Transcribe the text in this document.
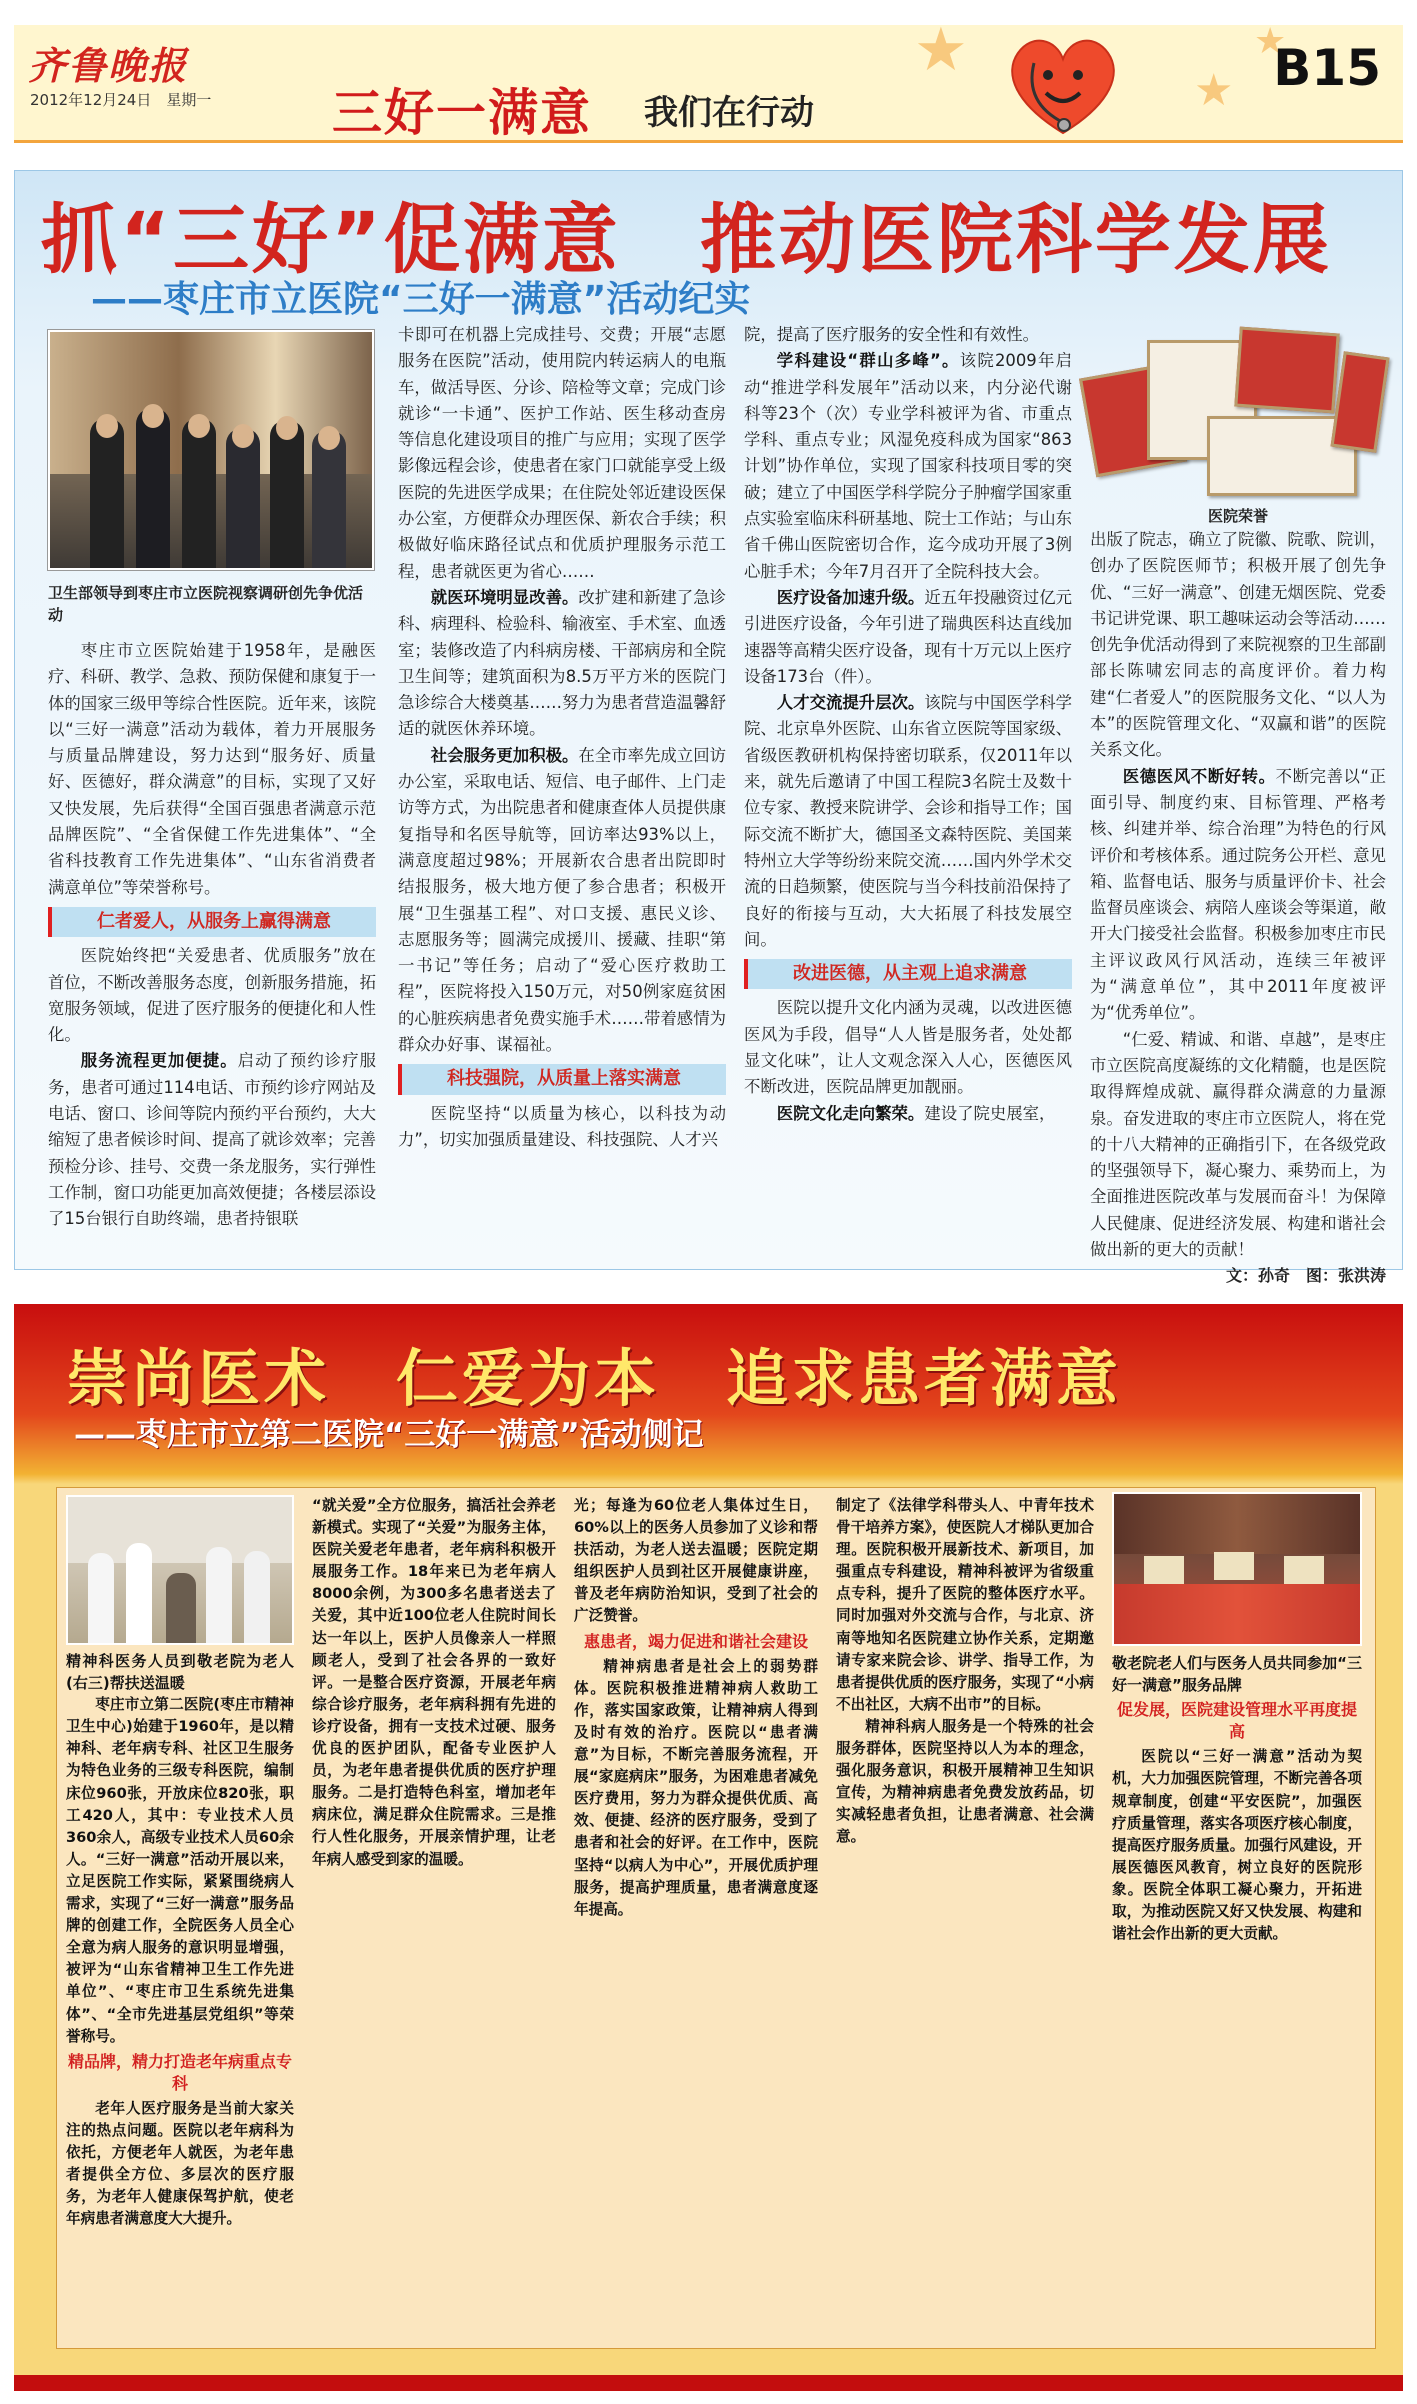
齐鲁晚报
2012年12月24日　星期一 三好一满意 我们在行动
★
★
★
B15
抓“三好”促满意　推动医院科学发展
——枣庄市立医院“三好一满意”活动纪实
卫生部领导到枣庄市立医院视察调研创先争优活动

枣庄市立医院始建于1958年，是融医疗、科研、教学、急救、预防保健和康复于一体的国家三级甲等综合性医院。近年来，该院以“三好一满意”活动为载体，着力开展服务与质量品牌建设，努力达到“服务好、质量好、医德好，群众满意”的目标，实现了又好又快发展，先后获得“全国百强患者满意示范品牌医院”、“全省保健工作先进集体”、“全省科技教育工作先进集体”、“山东省消费者满意单位”等荣誉称号。

仁者爱人，从服务上赢得满意

医院始终把“关爱患者、优质服务”放在首位，不断改善服务态度，创新服务措施，拓宽服务领域，促进了医疗服务的便捷化和人性化。

服务流程更加便捷。启动了预约诊疗服务，患者可通过114电话、市预约诊疗网站及电话、窗口、诊间等院内预约平台预约，大大缩短了患者候诊时间、提高了就诊效率；完善预检分诊、挂号、交费一条龙服务，实行弹性工作制，窗口功能更加高效便捷；各楼层添设了15台银行自助终端，患者持银联

卡即可在机器上完成挂号、交费；开展“志愿服务在医院”活动，使用院内转运病人的电瓶车，做活导医、分诊、陪检等文章；完成门诊就诊“一卡通”、医护工作站、医生移动查房等信息化建设项目的推广与应用；实现了医学影像远程会诊，使患者在家门口就能享受上级医院的先进医学成果；在住院处邻近建设医保办公室，方便群众办理医保、新农合手续；积极做好临床路径试点和优质护理服务示范工程，患者就医更为省心……

就医环境明显改善。改扩建和新建了急诊科、病理科、检验科、输液室、手术室、血透室；装修改造了内科病房楼、干部病房和全院卫生间等；建筑面积为8.5万平方米的医院门急诊综合大楼奠基……努力为患者营造温馨舒适的就医休养环境。

社会服务更加积极。在全市率先成立回访办公室，采取电话、短信、电子邮件、上门走访等方式，为出院患者和健康查体人员提供康复指导和名医导航等，回访率达93%以上，满意度超过98%；开展新农合患者出院即时结报服务，极大地方便了参合患者；积极开展“卫生强基工程”、对口支援、惠民义诊、志愿服务等；圆满完成援川、援藏、挂职“第一书记”等任务；启动了“爱心医疗救助工程”，医院将投入150万元，对50例家庭贫困的心脏疾病患者免费实施手术……带着感情为群众办好事、谋福祉。

科技强院，从质量上落实满意

医院坚持“以质量为核心，以科技为动力”，切实加强质量建设、科技强院、人才兴

院，提高了医疗服务的安全性和有效性。

学科建设“群山多峰”。该院2009年启动“推进学科发展年”活动以来，内分泌代谢科等23个（次）专业学科被评为省、市重点学科、重点专业；风湿免疫科成为国家“863计划”协作单位，实现了国家科技项目零的突破；建立了中国医学科学院分子肿瘤学国家重点实验室临床科研基地、院士工作站；与山东省千佛山医院密切合作，迄今成功开展了3例心脏手术；今年7月召开了全院科技大会。

医疗设备加速升级。近五年投融资过亿元引进医疗设备，今年引进了瑞典医科达直线加速器等高精尖医疗设备，现有十万元以上医疗设备173台（件）。

人才交流提升层次。该院与中国医学科学院、北京阜外医院、山东省立医院等国家级、省级医教研机构保持密切联系，仅2011年以来，就先后邀请了中国工程院3名院士及数十位专家、教授来院讲学、会诊和指导工作；国际交流不断扩大，德国圣文森特医院、美国莱特州立大学等纷纷来院交流……国内外学术交流的日趋频繁，使医院与当今科技前沿保持了良好的衔接与互动，大大拓展了科技发展空间。

改进医德，从主观上追求满意

医院以提升文化内涵为灵魂，以改进医德医风为手段，倡导“人人皆是服务者，处处都显文化味”，让人文观念深入人心，医德医风不断改进，医院品牌更加靓丽。

医院文化走向繁荣。建设了院史展室，

医院荣誉

出版了院志，确立了院徽、院歌、院训，创办了医院医师节；积极开展了创先争优、“三好一满意”、创建无烟医院、党委书记讲党课、职工趣味运动会等活动……创先争优活动得到了来院视察的卫生部副部长陈啸宏同志的高度评价。着力构建“仁者爱人”的医院服务文化、“以人为本”的医院管理文化、“双赢和谐”的医院关系文化。

医德医风不断好转。不断完善以“正面引导、制度约束、目标管理、严格考核、纠建并举、综合治理”为特色的行风评价和考核体系。通过院务公开栏、意见箱、监督电话、服务与质量评价卡、社会监督员座谈会、病陪人座谈会等渠道，敞开大门接受社会监督。积极参加枣庄市民主评议政风行风活动，连续三年被评为“满意单位”，其中2011年度被评为“优秀单位”。

“仁爱、精诚、和谐、卓越”，是枣庄市立医院高度凝练的文化精髓，也是医院取得辉煌成就、赢得群众满意的力量源泉。奋发进取的枣庄市立医院人，将在党的十八大精神的正确指引下，在各级党政的坚强领导下，凝心聚力、乘势而上，为全面推进医院改革与发展而奋斗！为保障人民健康、促进经济发展、构建和谐社会做出新的更大的贡献！

文：孙奇　图：张洪涛
崇尚医术　仁爱为本　追求患者满意
——枣庄市立第二医院“三好一满意”活动侧记

精神科医务人员到敬老院为老人(右三)帮扶送温暖

枣庄市立第二医院(枣庄市精神卫生中心)始建于1960年，是以精神科、老年病专科、社区卫生服务为特色业务的三级专科医院，编制床位960张，开放床位820张，职工420人，其中：专业技术人员360余人，高级专业技术人员60余人。“三好一满意”活动开展以来，立足医院工作实际，紧紧围绕病人需求，实现了“三好一满意”服务品牌的创建工作，全院医务人员全心全意为病人服务的意识明显增强，被评为“山东省精神卫生工作先进单位”、“枣庄市卫生系统先进集体”、“全市先进基层党组织”等荣誉称号。

精品牌，精力打造老年病重点专科

老年人医疗服务是当前大家关注的热点问题。医院以老年病科为依托，方便老年人就医，为老年患者提供全方位、多层次的医疗服务，为老年人健康保驾护航，使老年病患者满意度大大提升。

“就关爱”全方位服务，搞活社会养老新模式。实现了“关爱”为服务主体，医院关爱老年患者，老年病科积极开展服务工作。18年来已为老年病人8000余例，为300多名患者送去了关爱，其中近100位老人住院时间长达一年以上，医护人员像亲人一样照顾老人，受到了社会各界的一致好评。一是整合医疗资源，开展老年病综合诊疗服务，老年病科拥有先进的诊疗设备，拥有一支技术过硬、服务优良的医护团队，配备专业医护人员，为老年患者提供优质的医疗护理服务。二是打造特色科室，增加老年病床位，满足群众住院需求。三是推行人性化服务，开展亲情护理，让老年病人感受到家的温暖。

光；每逢为60位老人集体过生日，60%以上的医务人员参加了义诊和帮扶活动，为老人送去温暖；医院定期组织医护人员到社区开展健康讲座，普及老年病防治知识，受到了社会的广泛赞誉。

惠患者，竭力促进和谐社会建设

精神病患者是社会上的弱势群体。医院积极推进精神病人救助工作，落实国家政策，让精神病人得到及时有效的治疗。医院以“患者满意”为目标，不断完善服务流程，开展“家庭病床”服务，为困难患者减免医疗费用，努力为群众提供优质、高效、便捷、经济的医疗服务，受到了患者和社会的好评。在工作中，医院坚持“以病人为中心”，开展优质护理服务，提高护理质量，患者满意度逐年提高。

制定了《法律学科带头人、中青年技术骨干培养方案》，使医院人才梯队更加合理。医院积极开展新技术、新项目，加强重点专科建设，精神科被评为省级重点专科，提升了医院的整体医疗水平。同时加强对外交流与合作，与北京、济南等地知名医院建立协作关系，定期邀请专家来院会诊、讲学、指导工作，为患者提供优质的医疗服务，实现了“小病不出社区，大病不出市”的目标。

精神科病人服务是一个特殊的社会服务群体，医院坚持以人为本的理念，强化服务意识，积极开展精神卫生知识宣传，为精神病患者免费发放药品，切实减轻患者负担，让患者满意、社会满意。

敬老院老人们与医务人员共同参加“三好一满意”服务品牌

促发展，医院建设管理水平再度提高

医院以“三好一满意”活动为契机，大力加强医院管理，不断完善各项规章制度，创建“平安医院”，加强医疗质量管理，落实各项医疗核心制度，提高医疗服务质量。加强行风建设，开展医德医风教育，树立良好的医院形象。医院全体职工凝心聚力，开拓进取，为推动医院又好又快发展、构建和谐社会作出新的更大贡献。
